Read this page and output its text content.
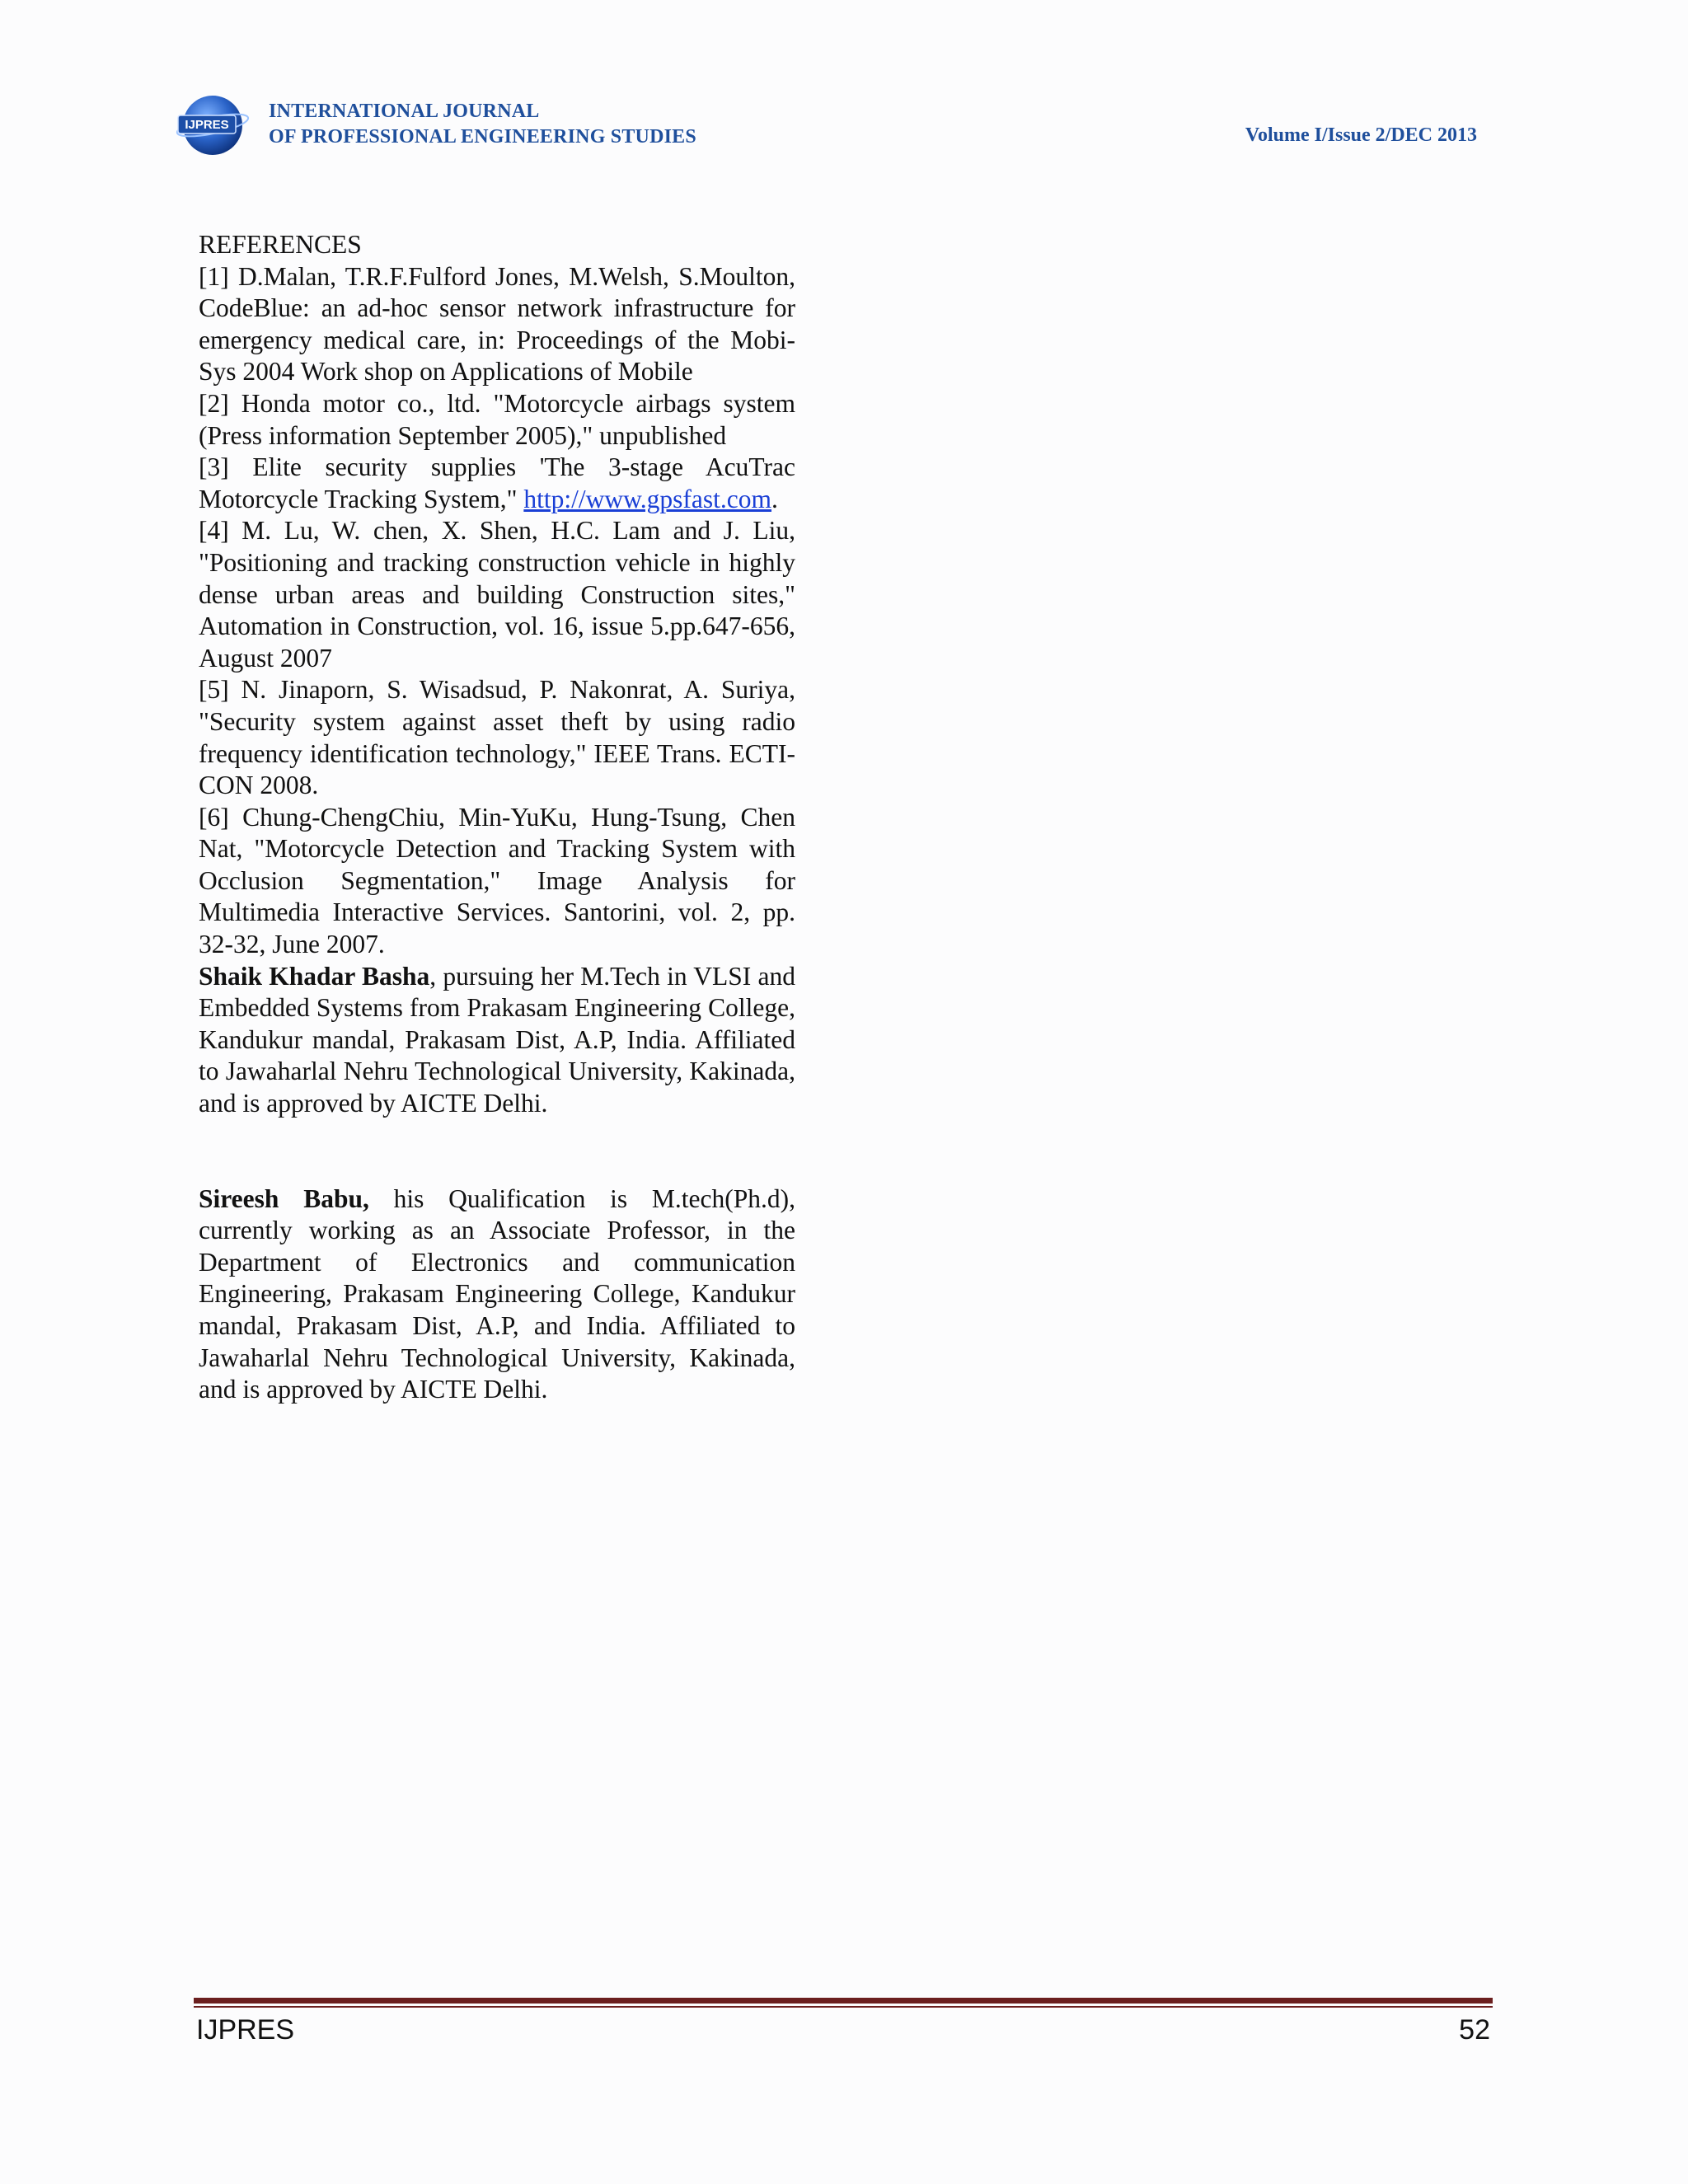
IJPRES
INTERNATIONAL JOURNAL
OF PROFESSIONAL ENGINEERING STUDIES	Volume I/Issue 2/DEC 2013

REFERENCES

[1] D.Malan, T.R.F.Fulford Jones, M.Welsh, S.Moulton, CodeBlue: an ad-hoc sensor network infrastructure for emergency medical care, in: Proceedings of the Mobi-Sys 2004 Work shop on Applications of Mobile

[2] Honda motor co., ltd. "Motorcycle airbags system (Press information September 2005)," unpublished

[3] Elite security supplies 'The 3-stage AcuTrac Motorcycle Tracking System," http://www.gpsfast.com.

[4] M. Lu, W. chen, X. Shen, H.C. Lam and J. Liu, "Positioning and tracking construction vehicle in highly dense urban areas and building Construction sites," Automation in Construction, vol. 16, issue 5.pp.647-656, August 2007

[5] N. Jinaporn, S. Wisadsud, P. Nakonrat, A. Suriya, "Security system against asset theft by using radio frequency identification technology," IEEE Trans. ECTI-CON 2008.

[6] Chung-ChengChiu, Min-YuKu, Hung-Tsung, Chen Nat, "Motorcycle Detection and Tracking System with Occlusion Segmentation," Image Analysis for Multimedia Interactive Services. Santorini, vol. 2, pp. 32-32, June 2007.

Shaik Khadar Basha, pursuing her M.Tech in VLSI and Embedded Systems from Prakasam Engineering College, Kandukur mandal, Prakasam Dist, A.P, India. Affiliated to Jawaharlal Nehru Technological University, Kakinada, and is approved by AICTE Delhi.

Sireesh Babu, his Qualification is M.tech(Ph.d), currently working as an Associate Professor, in the Department of Electronics and communication Engineering, Prakasam Engineering College, Kandukur mandal, Prakasam Dist, A.P, and India. Affiliated to Jawaharlal Nehru Technological University, Kakinada, and is approved by AICTE Delhi.

IJPRES	52
